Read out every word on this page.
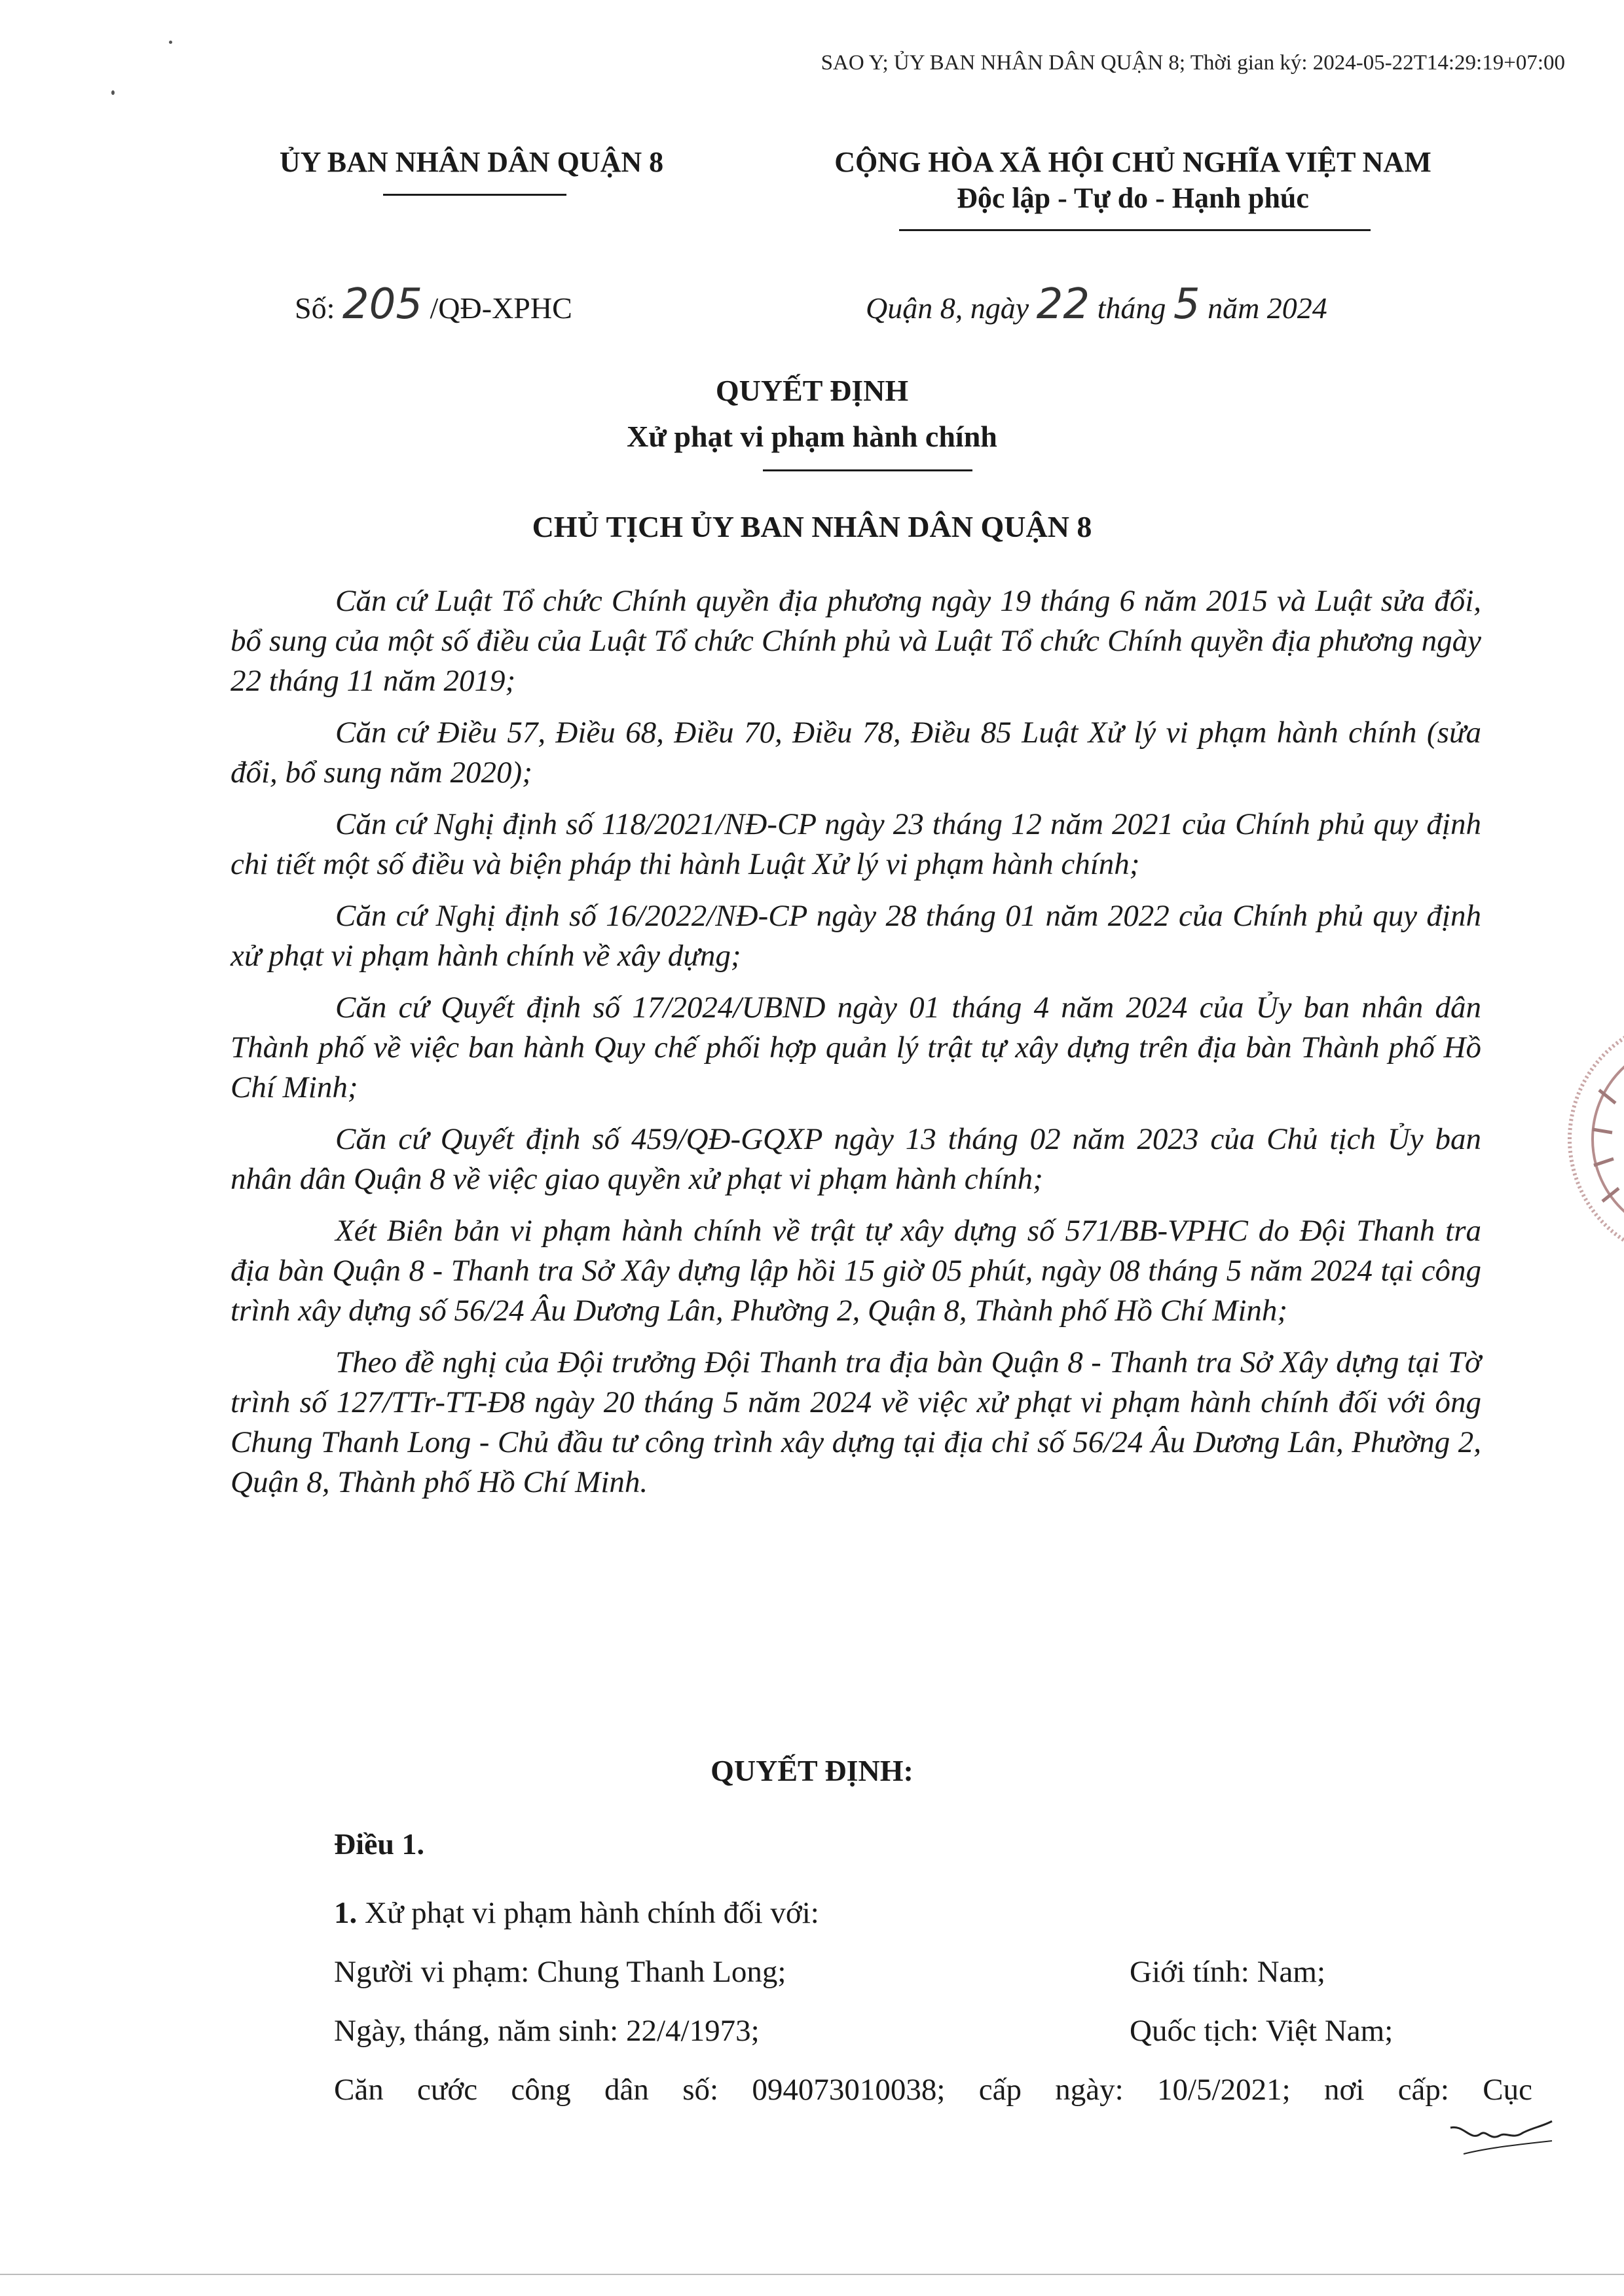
SAO Y; ỦY BAN NHÂN DÂN QUẬN 8; Thời gian ký: 2024-05-22T14:29:19+07:00
ỦY BAN NHÂN DÂN QUẬN 8	CỘNG HÒA XÃ HỘI CHỦ NGHĨA VIỆT NAM
Độc lập - Tự do - Hạnh phúc
Số: 205 /QĐ-XPHC	Quận 8, ngày 22 tháng 5 năm 2024
QUYẾT ĐỊNH
Xử phạt vi phạm hành chính
CHỦ TỊCH ỦY BAN NHÂN DÂN QUẬN 8

Căn cứ Luật Tổ chức Chính quyền địa phương ngày 19 tháng 6 năm 2015 và Luật sửa đổi, bổ sung của một số điều của Luật Tổ chức Chính phủ và Luật Tổ chức Chính quyền địa phương ngày 22 tháng 11 năm 2019;

Căn cứ Điều 57, Điều 68, Điều 70, Điều 78, Điều 85 Luật Xử lý vi phạm hành chính (sửa đổi, bổ sung năm 2020);

Căn cứ Nghị định số 118/2021/NĐ-CP ngày 23 tháng 12 năm 2021 của Chính phủ quy định chi tiết một số điều và biện pháp thi hành Luật Xử lý vi phạm hành chính;

Căn cứ Nghị định số 16/2022/NĐ-CP ngày 28 tháng 01 năm 2022 của Chính phủ quy định xử phạt vi phạm hành chính về xây dựng;

Căn cứ Quyết định số 17/2024/UBND ngày 01 tháng 4 năm 2024 của Ủy ban nhân dân Thành phố về việc ban hành Quy chế phối hợp quản lý trật tự xây dựng trên địa bàn Thành phố Hồ Chí Minh;

Căn cứ Quyết định số 459/QĐ-GQXP ngày 13 tháng 02 năm 2023 của Chủ tịch Ủy ban nhân dân Quận 8 về việc giao quyền xử phạt vi phạm hành chính;

Xét Biên bản vi phạm hành chính về trật tự xây dựng số 571/BB-VPHC do Đội Thanh tra địa bàn Quận 8 - Thanh tra Sở Xây dựng lập hồi 15 giờ 05 phút, ngày 08 tháng 5 năm 2024 tại công trình xây dựng số 56/24 Âu Dương Lân, Phường 2, Quận 8, Thành phố Hồ Chí Minh;

Theo đề nghị của Đội trưởng Đội Thanh tra địa bàn Quận 8 - Thanh tra Sở Xây dựng tại Tờ trình số 127/TTr-TT-Đ8 ngày 20 tháng 5 năm 2024 về việc xử phạt vi phạm hành chính đối với ông Chung Thanh Long - Chủ đầu tư công trình xây dựng tại địa chỉ số 56/24 Âu Dương Lân, Phường 2, Quận 8, Thành phố Hồ Chí Minh.

QUYẾT ĐỊNH:
Điều 1.
1. Xử phạt vi phạm hành chính đối với:
Người vi phạm: Chung Thanh Long;	Giới tính: Nam;
Ngày, tháng, năm sinh: 22/4/1973;	Quốc tịch: Việt Nam;
Căn cước công dân số: 094073010038; cấp ngày: 10/5/2021; nơi cấp: Cục
